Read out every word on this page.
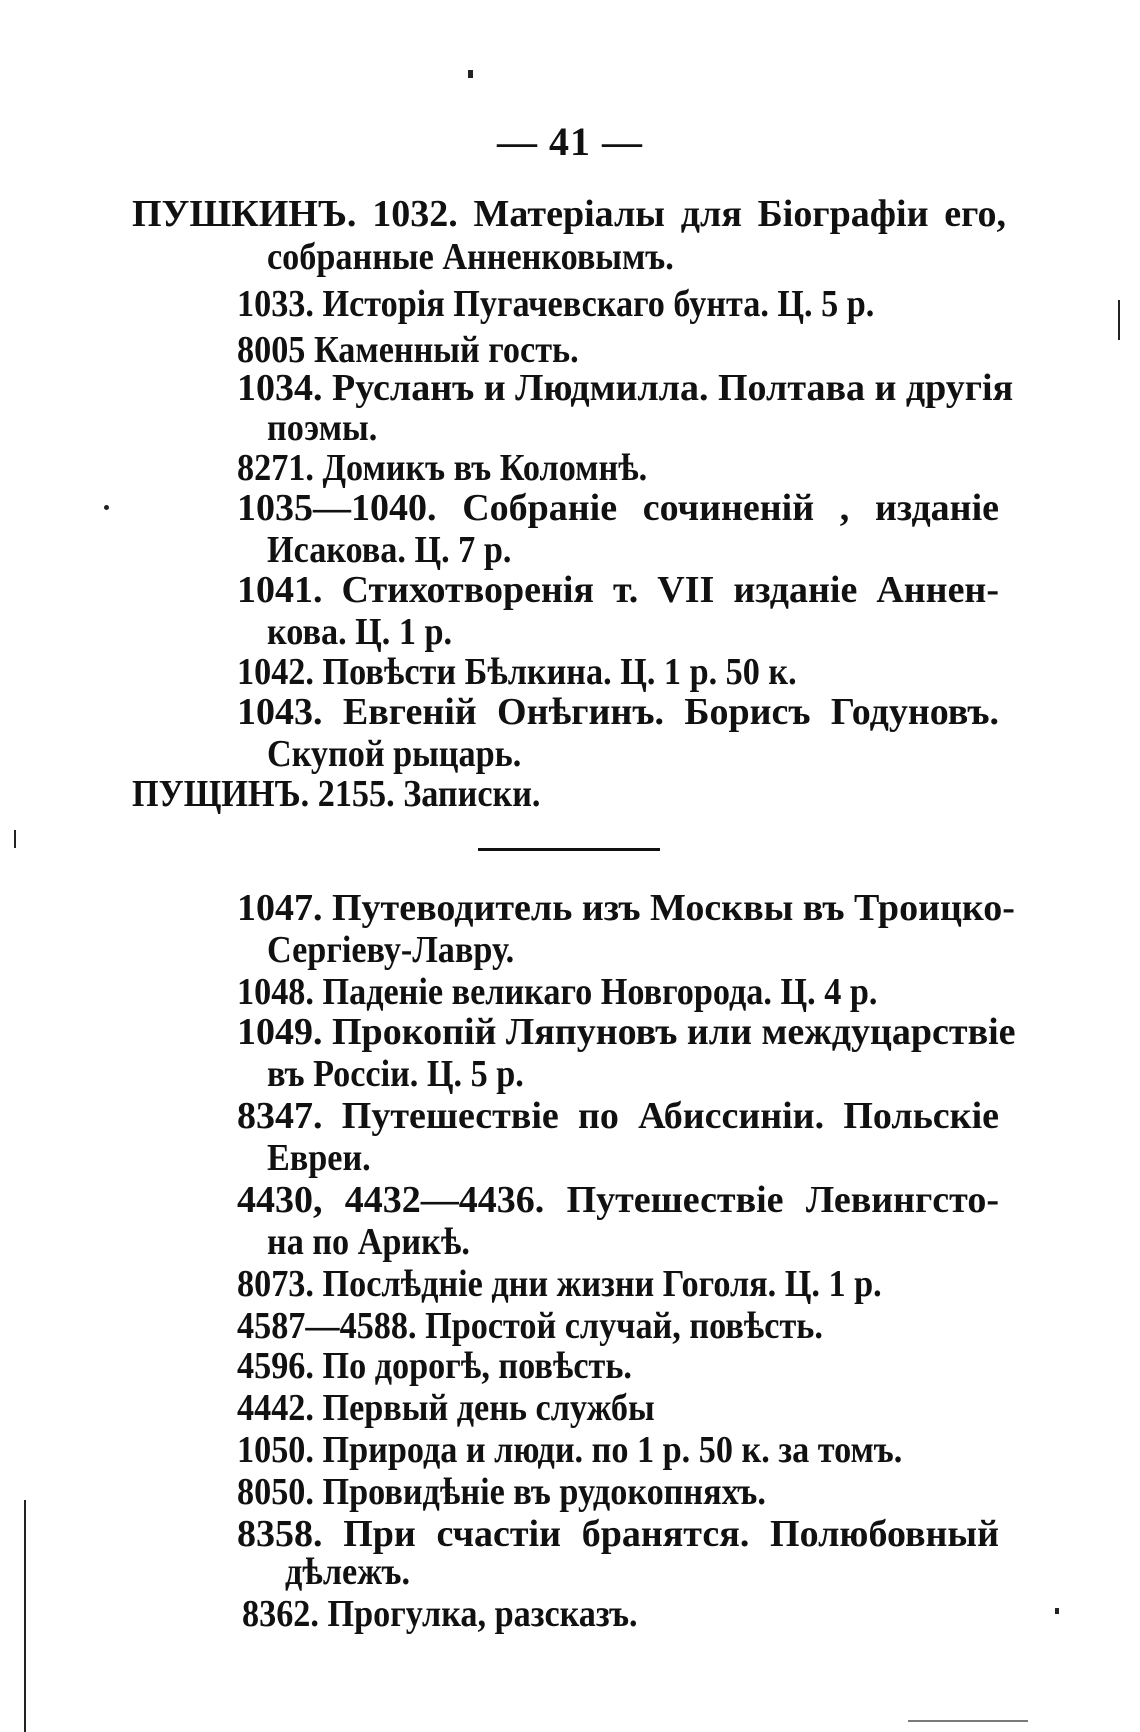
— 41 —
ПУШКИНЪ. 1032. Матеріалы для Біографіи его,
собранные Анненковымъ.
1033. Исторія Пугачевскаго бунта. Ц. 5 р.
8005 Каменный гость.
1034. Русланъ и Людмилла. Полтава и другія
поэмы.
8271. Домикъ въ Коломнѣ.
1035—1040. Собраніе сочиненій , изданіе
Исакова. Ц. 7 р.
1041. Стихотворенія т. VII изданіе Аннен-
кова. Ц. 1 р.
1042. Повѣсти Бѣлкина. Ц. 1 р. 50 к.
1043. Евгеній Онѣгинъ. Борисъ Годуновъ.
Скупой рыцарь.
ПУЩИНЪ. 2155. Записки.
1047. Путеводитель изъ Москвы въ Троицко-
Сергіеву-Лавру.
1048. Паденіе великаго Новгорода. Ц. 4 р.
1049. Прокопій Ляпуновъ или междуцарствіе
въ Россіи. Ц. 5 р.
8347. Путешествіе по Абиссиніи. Польскіе
Евреи.
4430, 4432—4436. Путешествіе Левингсто-
на по Арикѣ.
8073. Послѣдніе дни жизни Гоголя. Ц. 1 р.
4587—4588. Простой случай, повѣсть.
4596. По дорогѣ, повѣсть.
4442. Первый день службы
1050. Природа и люди. по 1 р. 50 к. за томъ.
8050. Провидѣніе въ рудокопняхъ.
8358. При счастіи бранятся. Полюбовный
дѣлежъ.
8362. Прогулка, разсказъ.
